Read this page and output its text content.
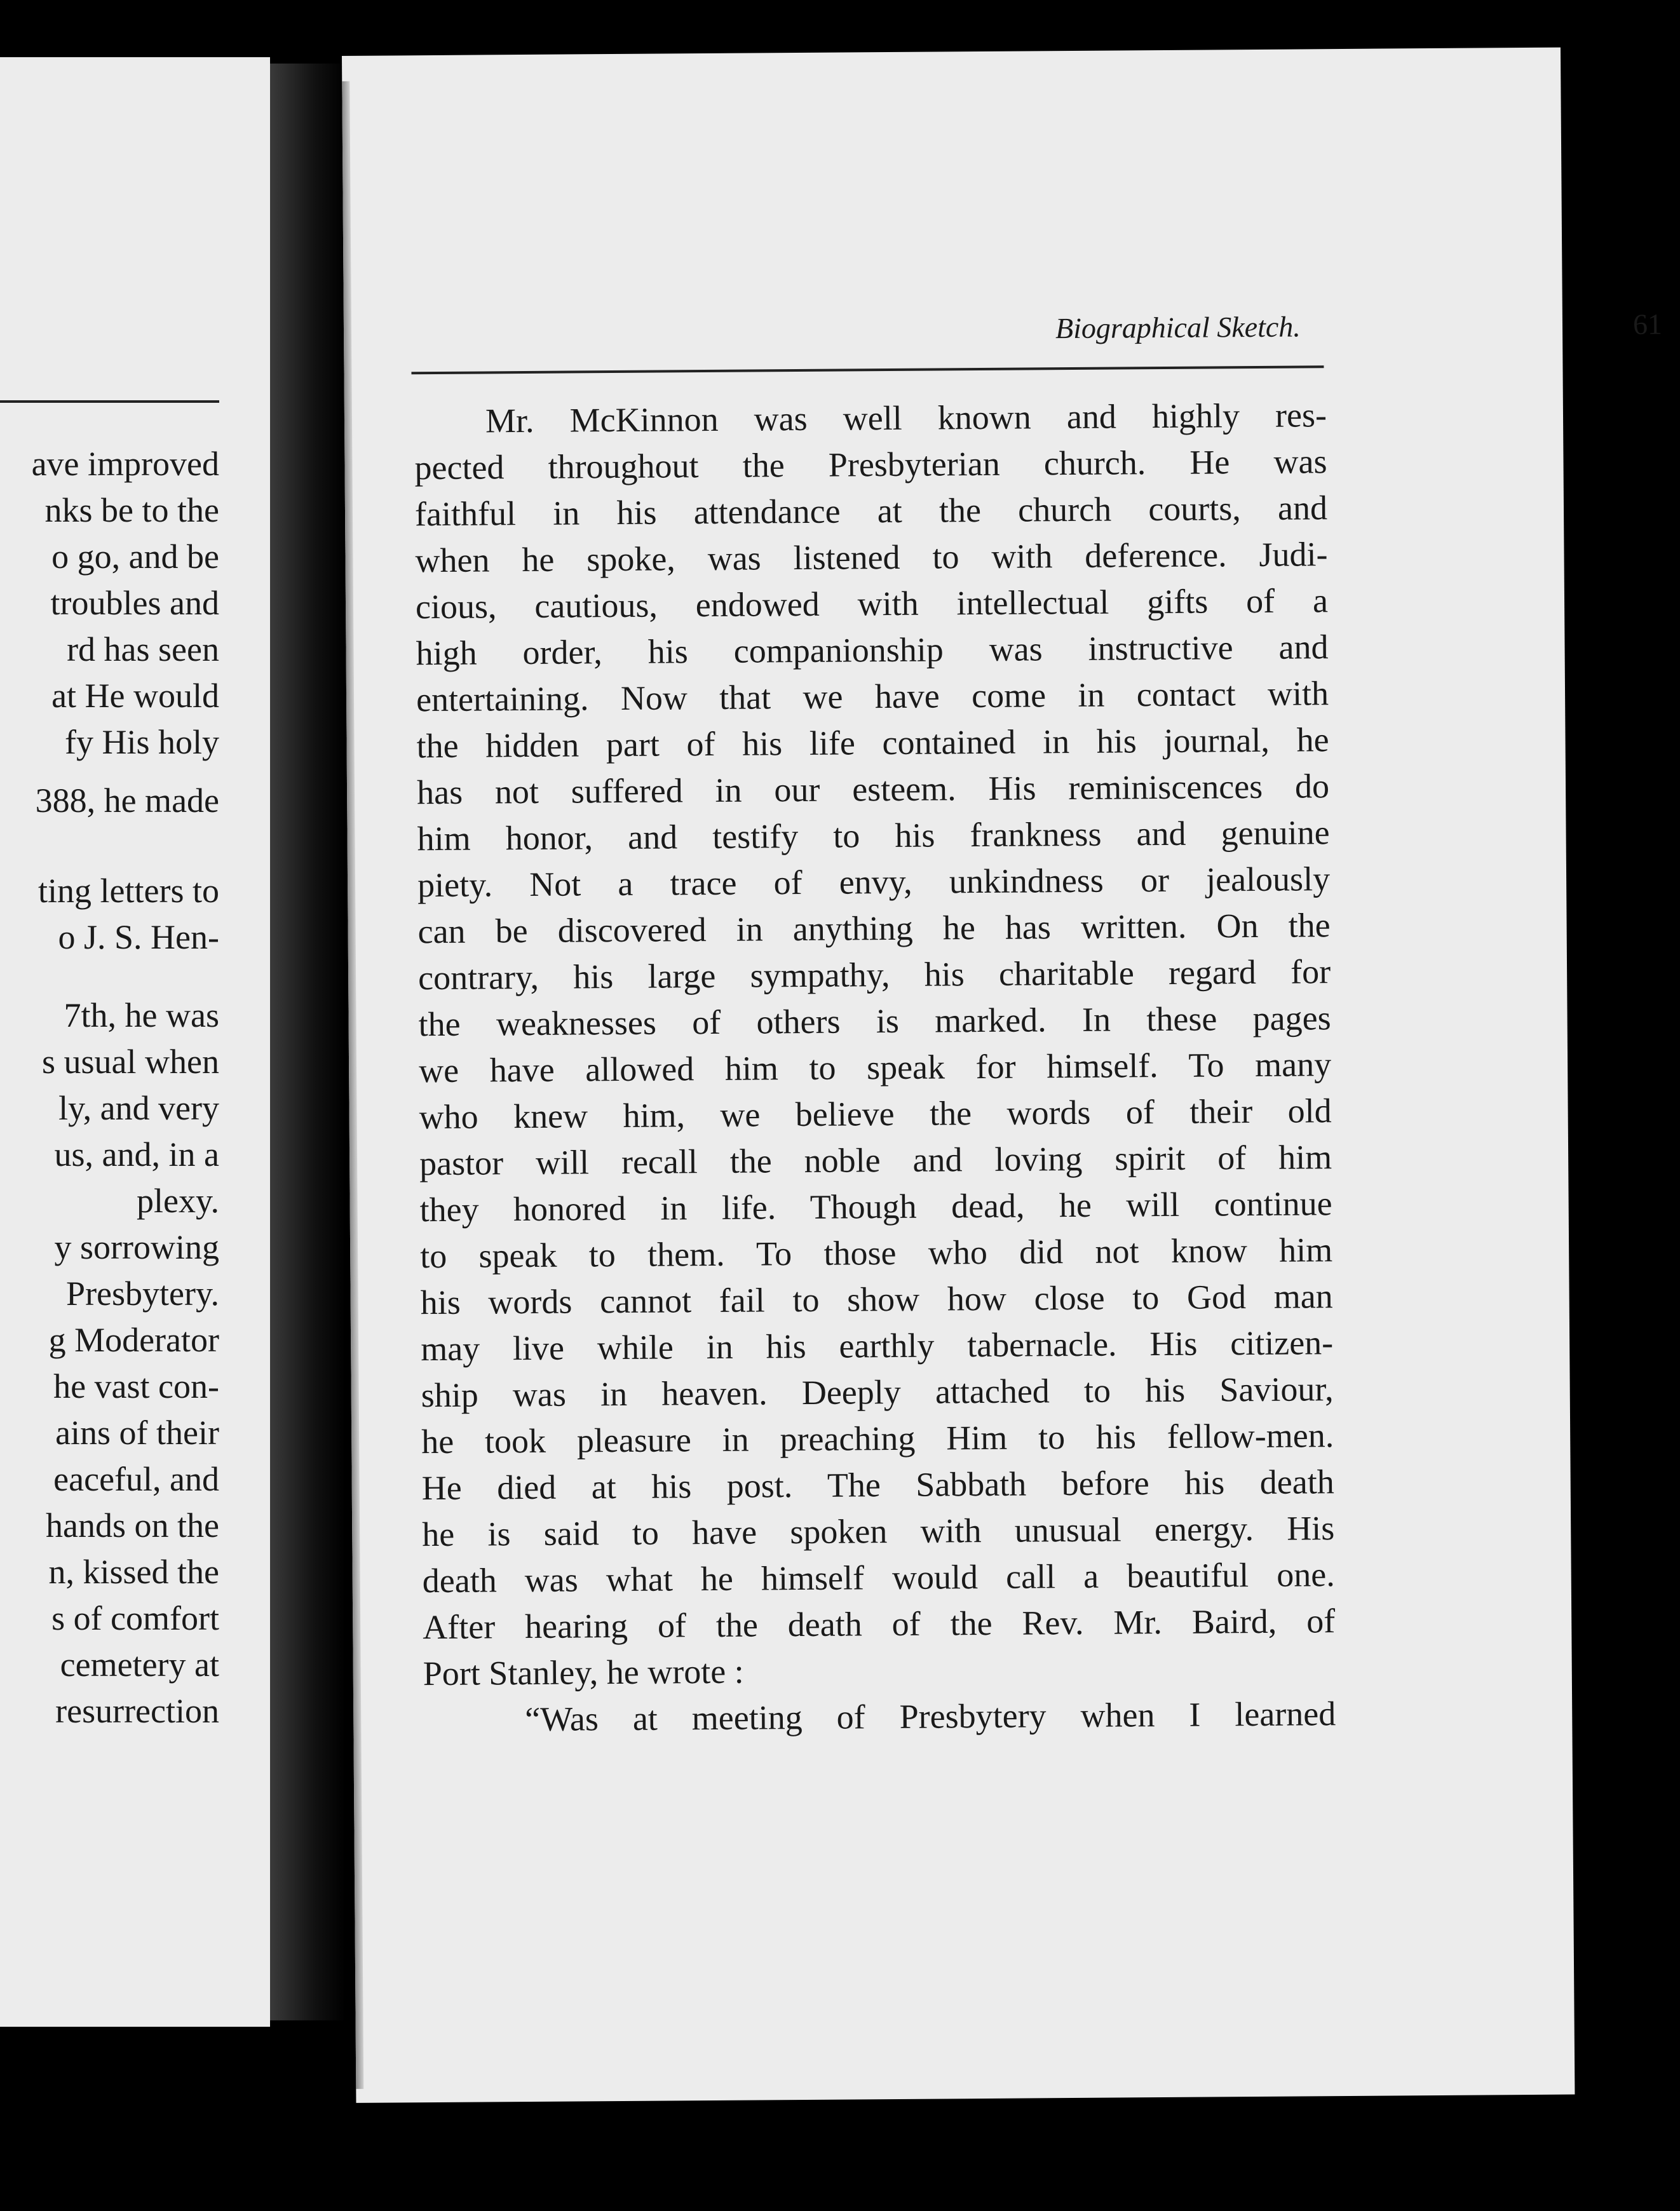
ave improved
nks be to the
o go, and be
troubles and
rd has seen
at He would
fy His holy
388, he made
ting letters to
o J. S. Hen-
7th, he was
s usual when
ly, and very
us, and, in a
plexy.
y sorrowing
Presbytery.
g Moderator
he vast con-
ains of their
eaceful, and
hands on the
n, kissed the
s of comfort
cemetery at
resurrection
Biographical Sketch.	61
Mr. McKinnon was well known and highly res-
pected throughout the Presbyterian church. He was
faithful in his attendance at the church courts, and
when he spoke, was listened to with deference. Judi-
cious, cautious, endowed with intellectual gifts of a
high order, his companionship was instructive and
entertaining. Now that we have come in contact with
the hidden part of his life contained in his journal, he
has not suffered in our esteem. His reminiscences do
him honor, and testify to his frankness and genuine
piety. Not a trace of envy, unkindness or jealously
can be discovered in anything he has written. On the
contrary, his large sympathy, his charitable regard for
the weaknesses of others is marked. In these pages
we have allowed him to speak for himself. To many
who knew him, we believe the words of their old
pastor will recall the noble and loving spirit of him
they honored in life. Though dead, he will continue
to speak to them. To those who did not know him
his words cannot fail to show how close to God man
may live while in his earthly tabernacle. His citizen-
ship was in heaven. Deeply attached to his Saviour,
he took pleasure in preaching Him to his fellow-men.
He died at his post. The Sabbath before his death
he is said to have spoken with unusual energy. His
death was what he himself would call a beautiful one.
After hearing of the death of the Rev. Mr. Baird, of
Port Stanley, he wrote :
“Was at meeting of Presbytery when I learned
